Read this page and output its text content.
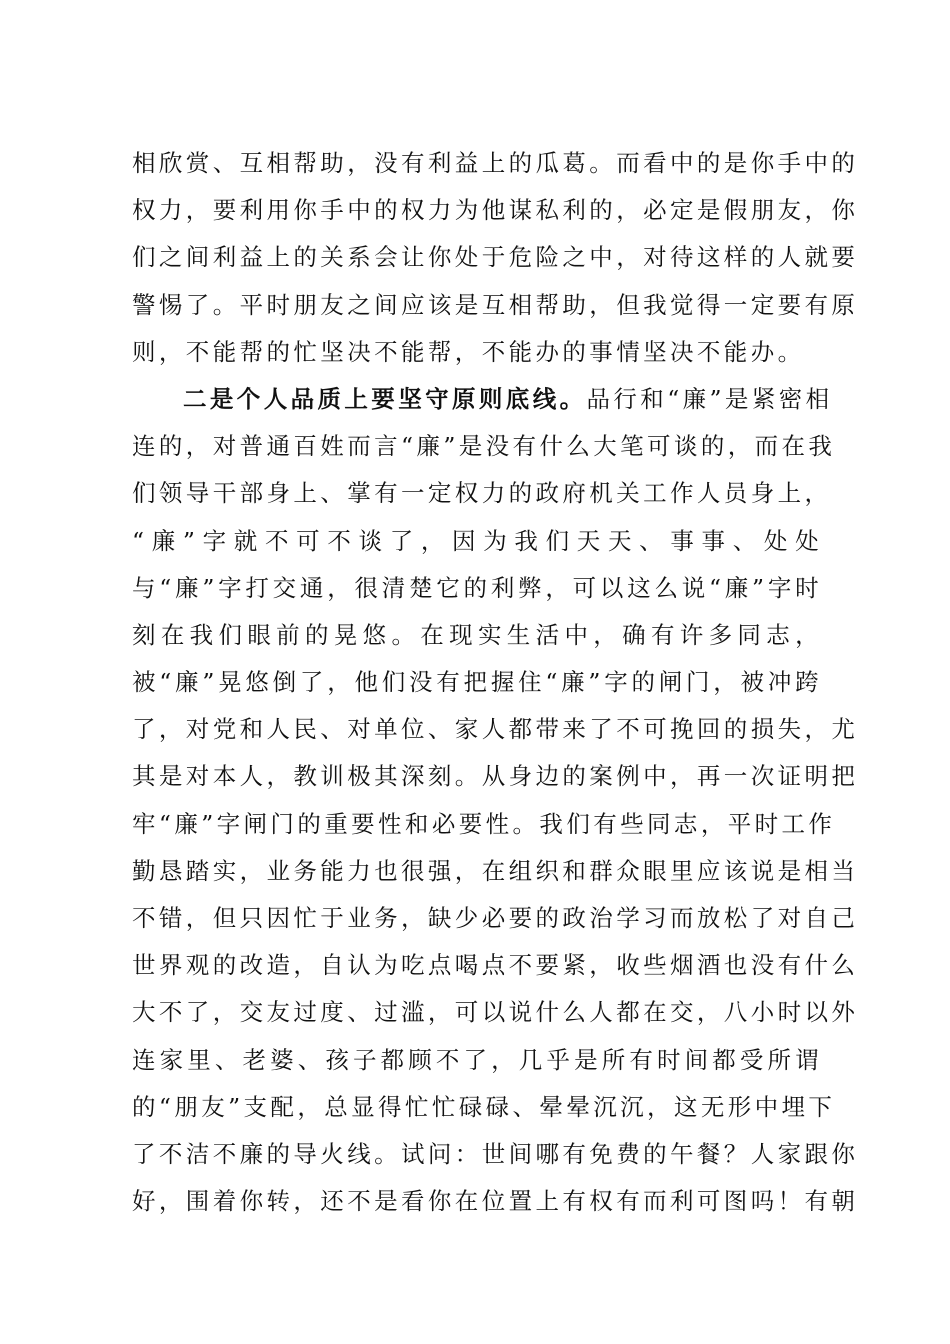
相欣赏、互相帮助，没有利益上的瓜葛。而看中的是你手中的
权力，要利用你手中的权力为他谋私利的，必定是假朋友，你
们之间利益上的关系会让你处于危险之中，对待这样的人就要
警惕了。平时朋友之间应该是互相帮助，但我觉得一定要有原
则，不能帮的忙坚决不能帮，不能办的事情坚决不能办。
二是个人品质上要坚守原则底线。品行和“廉”是紧密相
连的，对普通百姓而言“廉”是没有什么大笔可谈的，而在我
们领导干部身上、掌有一定权力的政府机关工作人员身上，
“廉”字就不可不谈了，因为我们天天、事事、处处
与“廉”字打交通，很清楚它的利弊，可以这么说“廉”字时
刻在我们眼前的晃悠。在现实生活中，确有许多同志，
被“廉”晃悠倒了，他们没有把握住“廉”字的闸门，被冲跨
了，对党和人民、对单位、家人都带来了不可挽回的损失，尤
其是对本人，教训极其深刻。从身边的案例中，再一次证明把
牢“廉”字闸门的重要性和必要性。我们有些同志，平时工作
勤恳踏实，业务能力也很强，在组织和群众眼里应该说是相当
不错，但只因忙于业务，缺少必要的政治学习而放松了对自己
世界观的改造，自认为吃点喝点不要紧，收些烟酒也没有什么
大不了，交友过度、过滥，可以说什么人都在交，八小时以外
连家里、老婆、孩子都顾不了，几乎是所有时间都受所谓
的“朋友”支配，总显得忙忙碌碌、晕晕沉沉，这无形中埋下
了不洁不廉的导火线。试问：世间哪有免费的午餐？人家跟你
好，围着你转，还不是看你在位置上有权有而利可图吗！有朝
